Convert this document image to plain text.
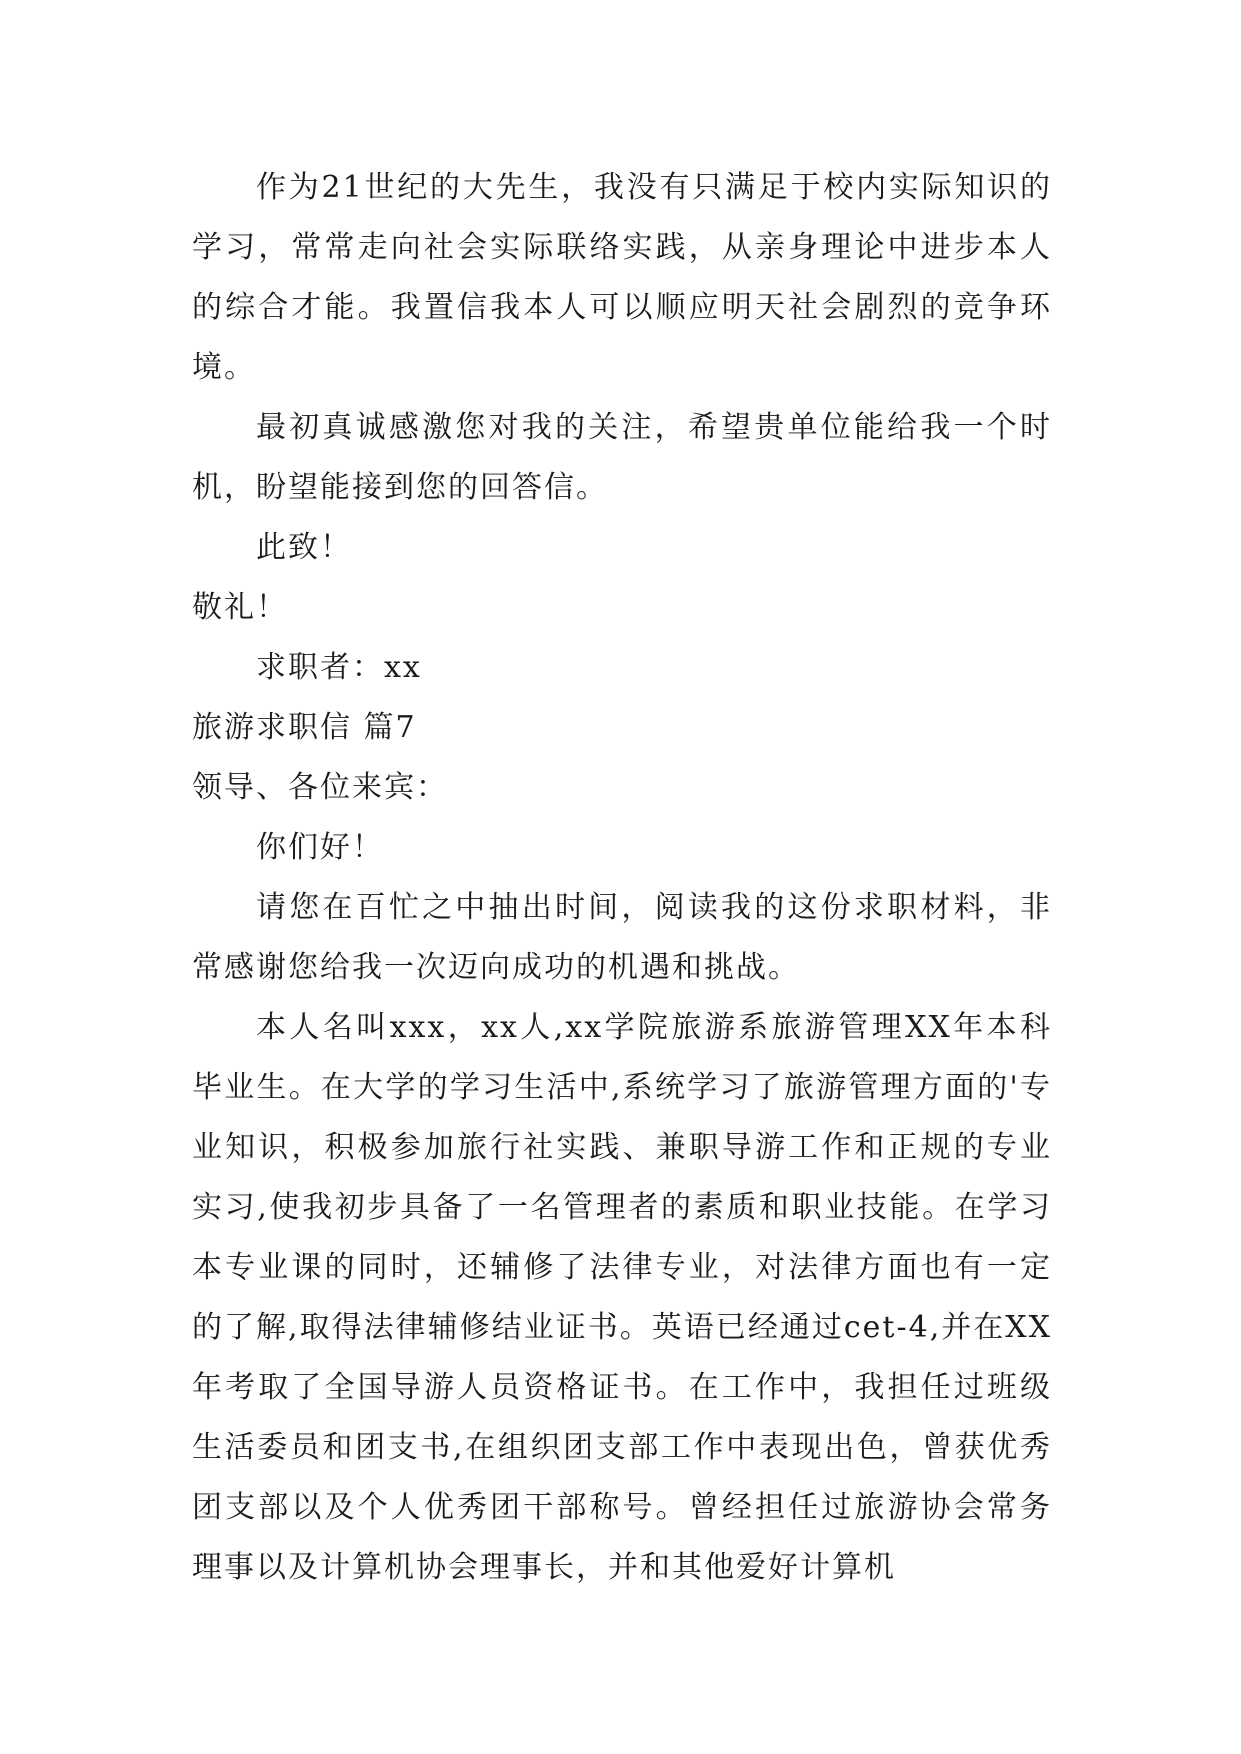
作为21世纪的大先生，我没有只满足于校内实际知识的学习，常常走向社会实际联络实践，从亲身理论中进步本人的综合才能。我置信我本人可以顺应明天社会剧烈的竞争环境。

最初真诚感激您对我的关注，希望贵单位能给我一个时机，盼望能接到您的回答信。

此致！

敬礼！

求职者：xx

旅游求职信 篇7

领导、各位来宾：

你们好！

请您在百忙之中抽出时间，阅读我的这份求职材料，非常感谢您给我一次迈向成功的机遇和挑战。

本人名叫xxx，xx人,xx学院旅游系旅游管理XX年本科毕业生。在大学的学习生活中,系统学习了旅游管理方面的'专业知识，积极参加旅行社实践、兼职导游工作和正规的专业实习,使我初步具备了一名管理者的素质和职业技能。在学习本专业课的同时，还辅修了法律专业，对法律方面也有一定的了解,取得法律辅修结业证书。英语已经通过cet-4,并在XX年考取了全国导游人员资格证书。在工作中，我担任过班级生活委员和团支书,在组织团支部工作中表现出色，曾获优秀团支部以及个人优秀团干部称号。曾经担任过旅游协会常务理事以及计算机协会理事长，并和其他爱好计算机
